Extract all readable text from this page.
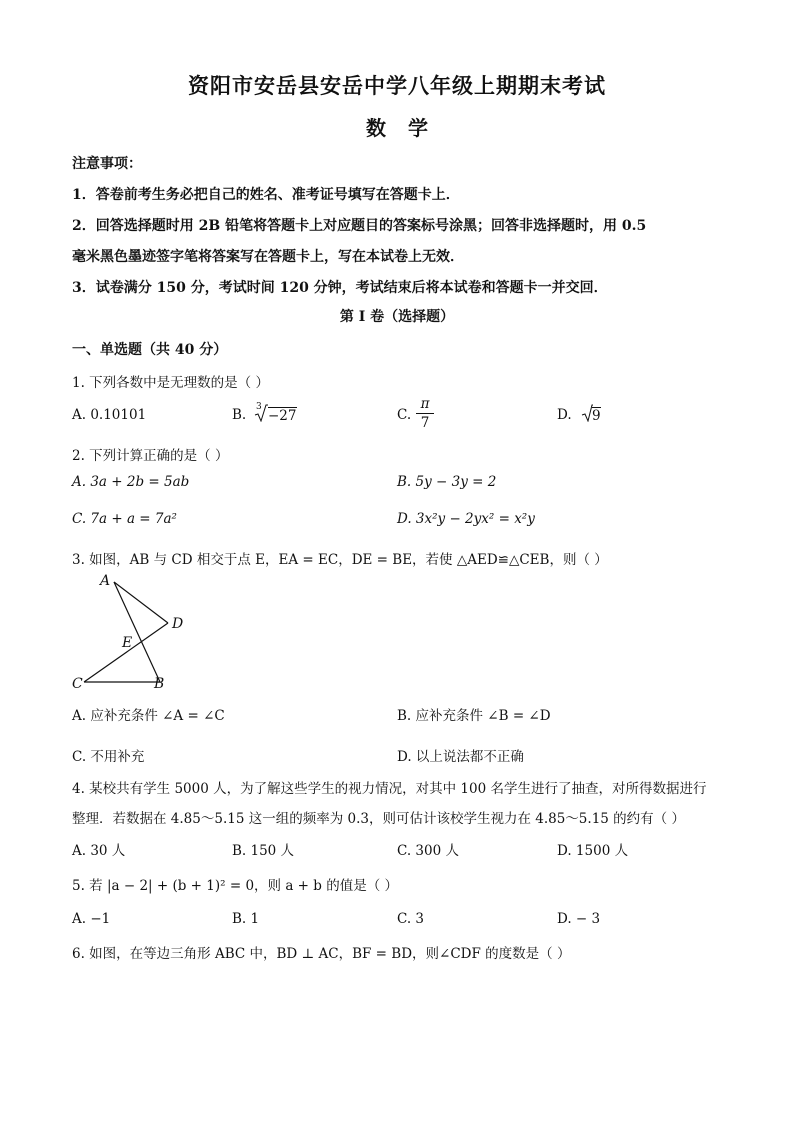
资阳市安岳县安岳中学八年级上期期末考试
数学
注意事项：
1．答卷前考生务必把自己的姓名、准考证号填写在答题卡上．
2．回答选择题时用 2B 铅笔将答题卡上对应题目的答案标号涂黑；回答非选择题时，用 0.5
毫米黑色墨迹签字笔将答案写在答题卡上，写在本试卷上无效．
3．试卷满分 150 分，考试时间 120 分钟，考试结束后将本试卷和答题卡一并交回．
第 I 卷（选择题）
一、单选题（共 40 分）
1. 下列各数中是无理数的是（ ）
A. 0.10101	B. 3
−27	C.
π
7	D. 9
2. 下列计算正确的是（ ）
A. 3a + 2b = 5ab	B. 5y − 3y = 2
C. 7a + a = 7a²	D. 3x²y − 2yx² = x²y
3. 如图，AB 与 CD 相交于点 E，EA = EC，DE = BE，若使 △AED≌△CEB，则（ ）
A
D
E
C	B
A. 应补充条件 ∠A = ∠C	B. 应补充条件 ∠B = ∠D
C. 不用补充	D. 以上说法都不正确
4. 某校共有学生 5000 人，为了解这些学生的视力情况，对其中 100 名学生进行了抽查，对所得数据进行
整理．若数据在 4.85～5.15 这一组的频率为 0.3，则可估计该校学生视力在 4.85～5.15 的约有（ ）
A. 30 人	B. 150 人	C. 300 人	D. 1500 人
5. 若 |a − 2| + (b + 1)² = 0，则 a + b 的值是（ ）
A. −1	B. 1	C. 3	D. − 3
6. 如图，在等边三角形 ABC 中，BD ⊥ AC，BF = BD，则∠CDF 的度数是（ ）
